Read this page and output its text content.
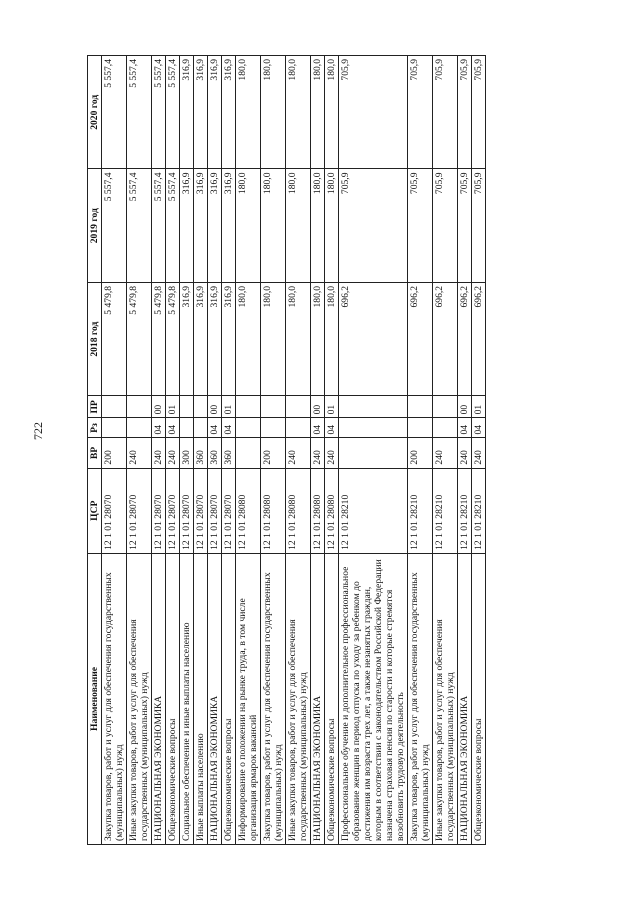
722
Наименование	ЦСР	ВР	Рз	ПР	2018 год	2019 год	2020 год
Закупка товаров, работ и услуг для обеспечения государственных (муниципальных) нужд	12 1 01 28070	200			5 479,8	5 557,4	5 557,4
Иные закупки товаров, работ и услуг для обеспечения государственных (муниципальных) нужд	12 1 01 28070	240			5 479,8	5 557,4	5 557,4
НАЦИОНАЛЬНАЯ ЭКОНОМИКА	12 1 01 28070	240	04	00	5 479,8	5 557,4	5 557,4
Общеэкономические вопросы	12 1 01 28070	240	04	01	5 479,8	5 557,4	5 557,4
Социальное обеспечение и иные выплаты населению	12 1 01 28070	300			316,9	316,9	316,9
Иные выплаты населению	12 1 01 28070	360			316,9	316,9	316,9
НАЦИОНАЛЬНАЯ ЭКОНОМИКА	12 1 01 28070	360	04	00	316,9	316,9	316,9
Общеэкономические вопросы	12 1 01 28070	360	04	01	316,9	316,9	316,9
Информирование о положении на рынке труда, в том числе организация ярмарок вакансий	12 1 01 28080				180,0	180,0	180,0
Закупка товаров, работ и услуг для обеспечения государственных (муниципальных) нужд	12 1 01 28080	200			180,0	180,0	180,0
Иные закупки товаров, работ и услуг для обеспечения государственных (муниципальных) нужд	12 1 01 28080	240			180,0	180,0	180,0
НАЦИОНАЛЬНАЯ ЭКОНОМИКА	12 1 01 28080	240	04	00	180,0	180,0	180,0
Общеэкономические вопросы	12 1 01 28080	240	04	01	180,0	180,0	180,0
Профессиональное обучение и дополнительное профессиональное образование женщин в период отпуска по уходу за ребенком до достижения им возраста трех лет, а также незанятых граждан, которым в соответствии с законодательством Российской Федерации назначена страховая пенсия по старости и которые стремятся возобновить трудовую деятельность	12 1 01 28210				696,2	705,9	705,9
Закупка товаров, работ и услуг для обеспечения государственных (муниципальных) нужд	12 1 01 28210	200			696,2	705,9	705,9
Иные закупки товаров, работ и услуг для обеспечения государственных (муниципальных) нужд	12 1 01 28210	240			696,2	705,9	705,9
НАЦИОНАЛЬНАЯ ЭКОНОМИКА	12 1 01 28210	240	04	00	696,2	705,9	705,9
Общеэкономические вопросы	12 1 01 28210	240	04	01	696,2	705,9	705,9
